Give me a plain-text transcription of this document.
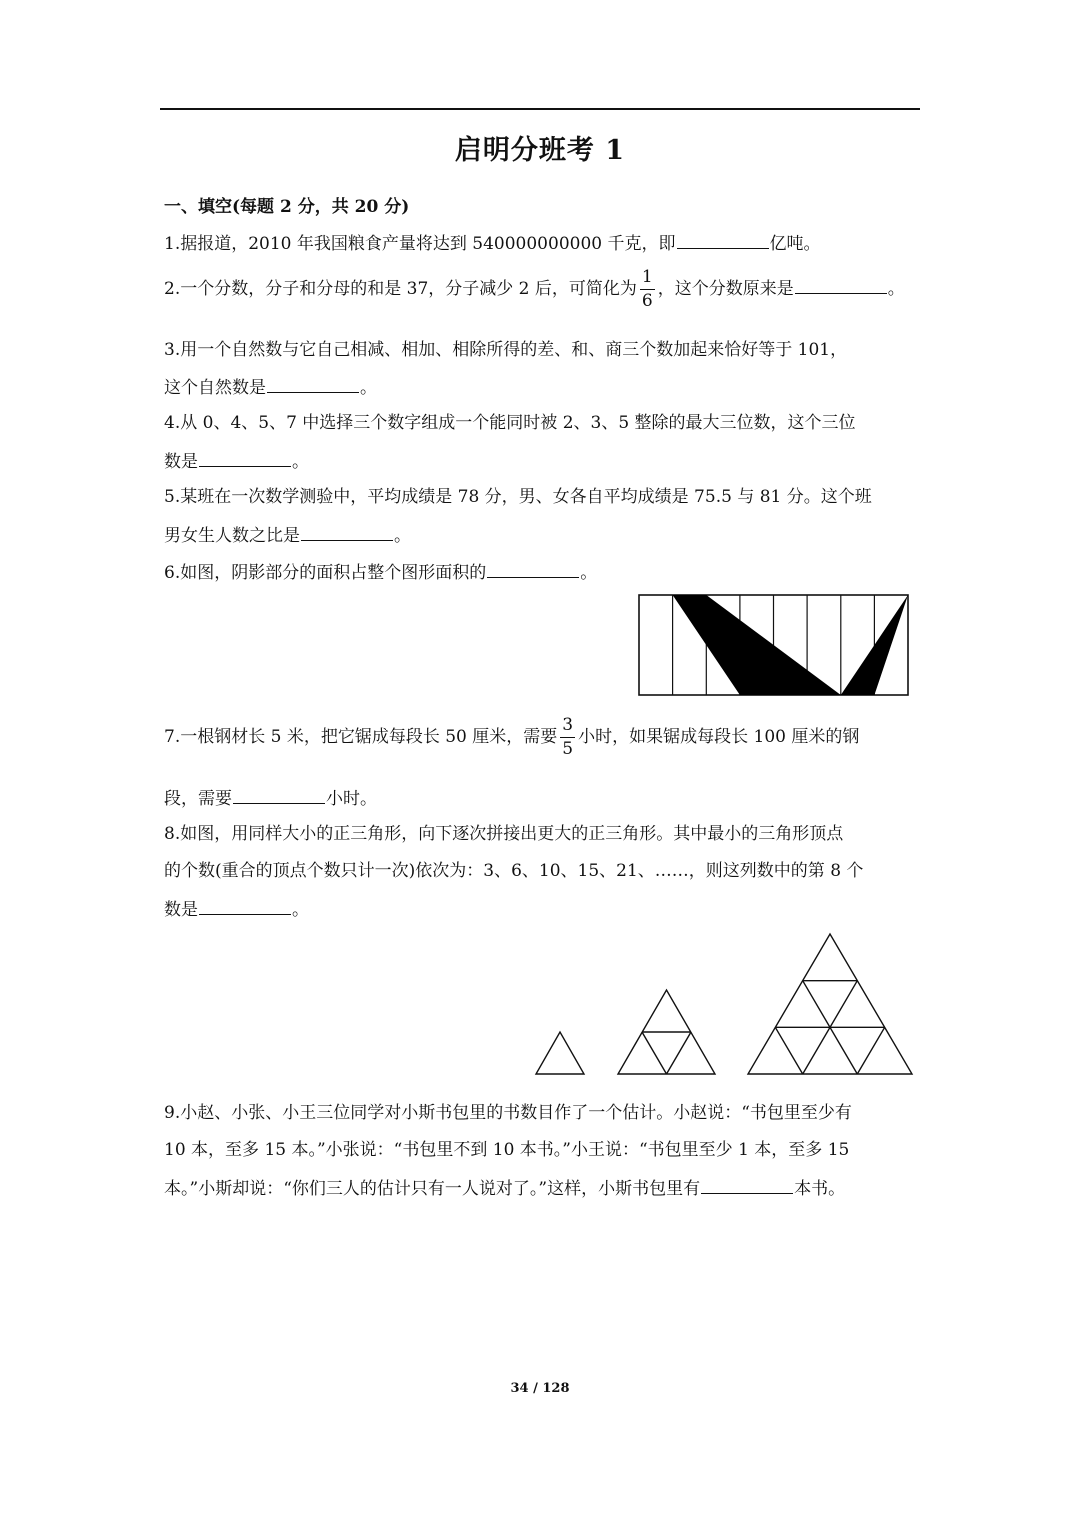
启明分班考 1
一、填空(每题 2 分，共 20 分)
1.据报道，2010 年我国粮食产量将达到 540000000000 千克，即	亿吨。
2.一个分数，分子和分母的和是 37，分子减少 2 后，可简化为 $\frac{1}{6}$ ，这个分数原来是	。
3.用一个自然数与它自己相减、相加、相除所得的差、和、商三个数加起来恰好等于 101，
这个自然数是	。
4.从 0、4、5、7 中选择三个数字组成一个能同时被 2、3、5 整除的最大三位数，这个三位
数是	。
5.某班在一次数学测验中，平均成绩是 78 分，男、女各自平均成绩是 75.5 与 81 分。这个班
男女生人数之比是	。
6.如图，阴影部分的面积占整个图形面积的	。
7.一根钢材长 5 米，把它锯成每段长 50 厘米，需要 $\frac{3}{5}$ 小时，如果锯成每段长 100 厘米的钢
段，需要	小时。
8.如图，用同样大小的正三角形，向下逐次拼接出更大的正三角形。其中最小的三角形顶点
的个数(重合的顶点个数只计一次)依次为：3、6、10、15、21、……，则这列数中的第 8 个
数是	。
9.小赵、小张、小王三位同学对小斯书包里的书数目作了一个估计。小赵说：“书包里至少有
10 本，至多 15 本。”小张说：“书包里不到 10 本书。”小王说：“书包里至少 1 本，至多 15
本。”小斯却说：“你们三人的估计只有一人说对了。”这样，小斯书包里有	本书。
34 / 128
